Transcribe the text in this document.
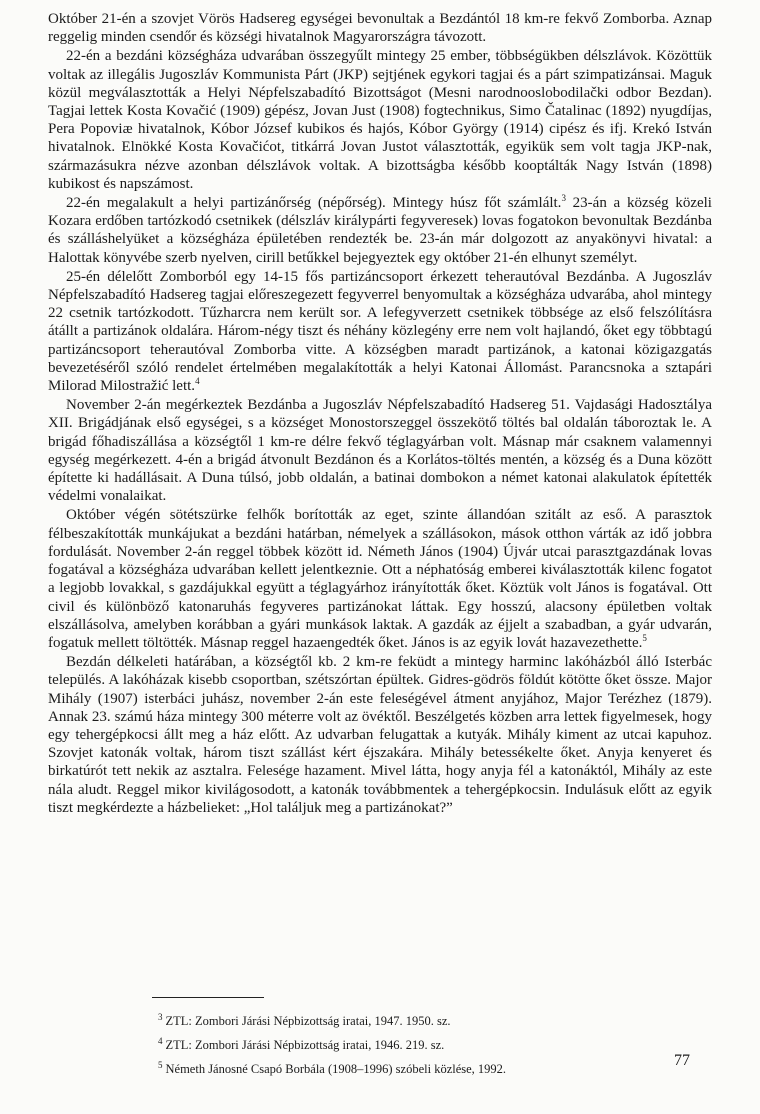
Október 21-én a szovjet Vörös Hadsereg egységei bevonultak a Bezdántól 18 km-re fekvő Zomborba. Aznap reggelig minden csendőr és községi hivatalnok Magyarországra távozott.

22-én a bezdáni községháza udvarában összegyűlt mintegy 25 ember, többségükben délszlávok. Közöttük voltak az illegális Jugoszláv Kommunista Párt (JKP) sejtjének egykori tagjai és a párt szimpatizánsai. Maguk közül megválasztották a Helyi Népfelszabadító Bizottságot (Mesni narodnooslobodilački odbor Bezdan). Tagjai lettek Kosta Kovačić (1909) gépész, Jovan Just (1908) fogtechnikus, Simo Čatalinac (1892) nyugdíjas, Pera Popoviæ hivatalnok, Kóbor József kubikos és hajós, Kóbor György (1914) cipész és ifj. Krekó István hivatalnok. Elnökké Kosta Kovačićot, titkárrá Jovan Justot választották, egyikük sem volt tagja JKP-nak, származásukra nézve azonban délszlávok voltak. A bizottságba később kooptálták Nagy István (1898) kubikost és napszámost.

22-én megalakult a helyi partizánőrség (népőrség). Mintegy húsz főt számlált.$^3$ 23-án a község közeli Kozara erdőben tartózkodó csetnikek (délszláv királypárti fegyveresek) lovas fogatokon bevonultak Bezdánba és szálláshelyüket a községháza épületében rendezték be. 23-án már dolgozott az anyakönyvi hivatal: a Halottak könyvébe szerb nyelven, cirill betűkkel bejegyeztek egy október 21-én elhunyt személyt.

25-én délelőtt Zomborból egy 14-15 fős partizáncsoport érkezett teherautóval Bezdánba. A Jugoszláv Népfelszabadító Hadsereg tagjai előreszegezett fegyverrel benyomultak a községháza udvarába, ahol mintegy 22 csetnik tartózkodott. Tűzharcra nem került sor. A lefegyverzett csetnikek többsége az első felszólításra átállt a partizánok oldalára. Három-négy tiszt és néhány közlegény erre nem volt hajlandó, őket egy többtagú partizáncsoport teherautóval Zomborba vitte. A községben maradt partizánok, a katonai közigazgatás bevezetéséről szóló rendelet értelmében megalakították a helyi Katonai Állomást. Parancsnoka a sztapári Milorad Milostražić lett.$^4$

November 2-án megérkeztek Bezdánba a Jugoszláv Népfelszabadító Hadsereg 51. Vajdasági Hadosztálya XII. Brigádjának első egységei, s a községet Monostorszeggel összekötő töltés bal oldalán táboroztak le. A brigád főhadiszállása a községtől 1 km-re délre fekvő téglagyárban volt. Másnap már csaknem valamennyi egység megérkezett. 4-én a brigád átvonult Bezdánon és a Korlátos-töltés mentén, a község és a Duna között építette ki hadállásait. A Duna túlsó, jobb oldalán, a batinai dombokon a német katonai alakulatok építették védelmi vonalaikat.

Október végén sötétszürke felhők borították az eget, szinte állandóan szitált az eső. A parasztok félbeszakították munkájukat a bezdáni határban, némelyek a szállásokon, mások otthon várták az idő jobbra fordulását. November 2-án reggel többek között id. Németh János (1904) Újvár utcai parasztgazdának lovas fogatával a községháza udvarában kellett jelentkeznie. Ott a néphatóság emberei kiválasztották kilenc fogatot a legjobb lovakkal, s gazdájukkal együtt a téglagyárhoz irányították őket. Köztük volt János is fogatával. Ott civil és különböző katonaruhás fegyveres partizánokat láttak. Egy hosszú, alacsony épületben voltak elszállásolva, amelyben korábban a gyári munkások laktak. A gazdák az éjjelt a szabadban, a gyár udvarán, fogatuk mellett töltötték. Másnap reggel hazaengedték őket. János is az egyik lovát hazavezethette.$^5$

Bezdán délkeleti határában, a községtől kb. 2 km-re feküdt a mintegy harminc lakóházból álló Isterbác település. A lakóházak kisebb csoportban, szétszórtan épültek. Gidres-gödrös földút kötötte őket össze. Major Mihály (1907) isterbáci juhász, november 2-án este feleségével átment anyjához, Major Terézhez (1879). Annak 23. számú háza mintegy 300 méterre volt az övéktől. Beszélgetés közben arra lettek figyelmesek, hogy egy tehergépkocsi állt meg a ház előtt. Az udvarban felugattak a kutyák. Mihály kiment az utcai kapuhoz. Szovjet katonák voltak, három tiszt szállást kért éjszakára. Mihály betessékelte őket. Anyja kenyeret és birkatúrót tett nekik az asztalra. Felesége hazament. Mivel látta, hogy anyja fél a katonáktól, Mihály az este nála aludt. Reggel mikor kivilágosodott, a katonák továbbmentek a tehergépkocsin. Indulásuk előtt az egyik tiszt megkérdezte a házbelieket: „Hol találjuk meg a partizánokat?”

$^3$ ZTL: Zombori Járási Népbizottság iratai, 1947. 1950. sz.
$^4$ ZTL: Zombori Járási Népbizottság iratai, 1946. 219. sz.
$^5$ Németh Jánosné Csapó Borbála (1908–1996) szóbeli közlése, 1992.
77
